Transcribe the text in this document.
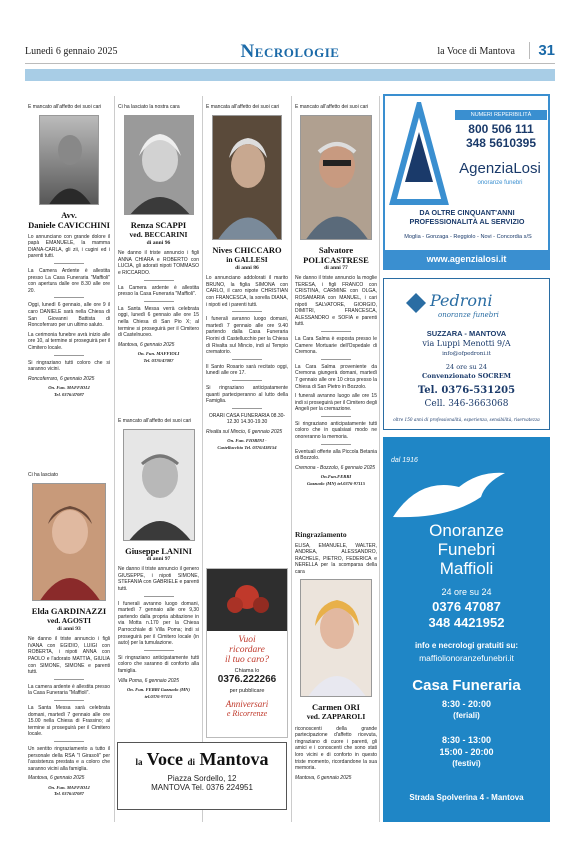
Lunedì 6 gennaio 2025	Necrologie	la Voce di Mantova	31
È mancato all'affetto dei suoi cari
Avv.
Daniele CAVICCHINI

Lo annunciano con grande dolore il papà EMANUELE, la mamma DIANA-CARLA, gli zii, i cugini ed i parenti tutti.

La Camera Ardente è allestita presso La Casa Funeraria "Maffioli" con apertura dalle ore 8.30 alle ore 20.

Oggi, lunedì 6 gennaio, alle ore 9 il caro DANIELE sarà nella Chiesa di San Giovanni Battista di Roncoferraro per un ultimo saluto.

La cerimonia funebre avrà inizio alle ore 10, al termine si proseguirà per il Cimitero locale.

Si ringraziano tutti coloro che si saranno vicini.

Roncoferraro, 6 gennaio 2025

On. Fun. MAFFIOLI
Tel. 0376/47087
Ci ha lasciato
Elda GARDINAZZI
ved. AGOSTI
di anni 93

Ne danno il triste annuncio i figli IVANA con EGIDIO, LUIGI con ROBERTA, i nipoti ANNA con PAOLO e l'adorato MATTIA, GIULIA con SIMONE, SIMONE e parenti tutti.

La camera ardente è allestita presso la Casa Funeraria "Maffioli".

La Santa Messa sarà celebrata domani, martedì 7 gennaio alle ore 15.00 nella Chiesa di Frassino; al termine si proseguirà per il Cimitero locale.

Un sentito ringraziamento a tutto il personale della RSA "I Girasoli" per l'assistenza prestata e a coloro che saranno vicini alla famiglia.

Mantova, 6 gennaio 2025

On. Fun. MAFFIOLI
Tel. 0376/47087
Ci ha lasciato la nostra cara
Renza SCAPPI
ved. BECCARINI
di anni 96

Ne danno il triste annuncio i figli ANNA CHIARA e ROBERTO con LUCIA, gli adorati nipoti TOMMASO e RICCARDO.

La Camera ardente è allestita presso la Casa Funeraria "Maffioli".

La Santa Messa verrà celebrata oggi, lunedì 6 gennaio alle ore 15 nella Chiesa di San Pio X; al termine si proseguirà per il Cimitero di Castelnuovo.

Mantova, 6 gennaio 2025

On. Fun. MAFFIOLI
Tel. 0376/47087
È mancato all'affetto dei suoi cari
Giuseppe LANINI
di anni 97

Ne danno il triste annuncio il genero GIUSEPPE, i nipoti SIMONE, STEFANIA con GABRIELE e parenti tutti.

I funerali avranno luogo domani, martedì 7 gennaio alle ore 9,30 partendo dalla propria abitazione in via Motta n.170 per la Chiesa Parrocchiale di Villa Poma; indi si proseguirà per il Cimitero locale (in auto) per la tumulazione.

Si ringraziano anticipatamente tutti coloro che saranno di conforto alla famiglia.

Villa Poma, 6 gennaio 2025

On. Fun. FERRI Gazzuolo (MN)
tel.0376-97115
È mancata all'affetto dei suoi cari
Nives CHICCARO
in GALLESI
di anni 86

Lo annunciano addolorati il marito BRUNO, la figlia SIMONA con CARLO, il caro nipote CHRISTIAN con FRANCESCA, la sorella DIANA, i nipoti ed i parenti tutti.

I funerali avranno luogo domani, martedì 7 gennaio alle ore 9.40 partendo dalla Casa Funeraria Fiorini di Castellucchio per la Chiesa di Rivalta sul Mincio, indi al Tempio crematorio.

Il Santo Rosario sarà recitato oggi, lunedì alle ore 17.

Si ringraziano anticipatamente quanti parteciperanno al lutto della Famiglia.

ORARI CASA FUNERARIA 08.30-12.30 14.30-19.30

Rivalta sul Mincio, 6 gennaio 2025

On. Fun. FIORINI -
Castellucchio Tel. 0376/438154
Vuoi
ricordare
il tuo caro?
Chiama lo
0376.222266
per pubblicare
Anniversari
e Ricorrenze
È mancato all'affetto dei suoi cari
Salvatore
POLICASTRESE
di anni 77

Ne danno il triste annuncio la moglie TERESA, i figli FRANCO con CRISTINA, CARMINE con OLGA, ROSAMARIA con MANUEL, i cari nipoti SALVATORE, GIORGIO, DIMITRI, FRANCESCA, ALESSANDRO e SOFIA e parenti tutti.

La Cara Salma è esposta presso le Camere Mortuarie dell'Ospedale di Cremona.

La Cara Salma proveniente da Cremona giungerà domani, martedì 7 gennaio alle ore 10 circa presso la Chiesa di San Pietro in Bozzolo.

I funerali avranno luogo alle ore 15 indi si proseguirà per il Cimitero degli Angeli per la cremazione.

Si ringraziano anticipatamente tutti coloro che in qualsiasi modo ne onoreranno la memoria.

Eventuali offerte alla Piccola Betania di Bozzolo.

Cremona - Bozzolo, 6 gennaio 2025

On.Fun.FERRI
Gazzuolo (MN) tel.0376-97115
Ringraziamento

ELISA, EMANUELE, WALTER, ANDREA, ALESSANDRO, RACHELE, PIETRO, FEDERICA e NERELLA per la scomparsa della cara

Carmen ORI
ved. ZAPPAROLI

riconoscenti della grande partecipazione d'affetto ricevuta, ringraziano di cuore i parenti, gli amici e i conoscenti che sono stati loro vicini e di conforto in questo triste momento, ricordandone la sua memoria.

Mantova, 6 gennaio 2025

la Voce di Mantova
Piazza Sordello, 12
MANTOVA Tel. 0376 224951
NUMERI REPERIBILITÀ
800 506 111
348 5610395
AgenziaLosi
onoranze funebri
DA OLTRE CINQUANT'ANNI PROFESSIONALITÀ AL SERVIZIO
Moglia - Gonzaga - Reggiolo - Novi - Concordia s/S
www.agenzialosi.it
Pedroni
onoranze funebri
SUZZARA - MANTOVA
via Luppi Menotti 9/A
info@ofpedroni.it
24 ore su 24
Convenzionato SOCREM
Tel. 0376-531205
Cell. 346-3663068
oltre 150 anni di professionalità, esperienza, sensibilità, riservatezza
dal 1916
Onoranze
Funebri
Maffioli
24 ore su 24
0376 47087
348 4421952
info e necrologi gratuiti su:
maffiolionoranzefunebri.it
Casa Funeraria
8:30 - 20:00
(feriali)
8:30 - 13:00
15:00 - 20:00
(festivi)
Strada Spolverina 4 - Mantova
